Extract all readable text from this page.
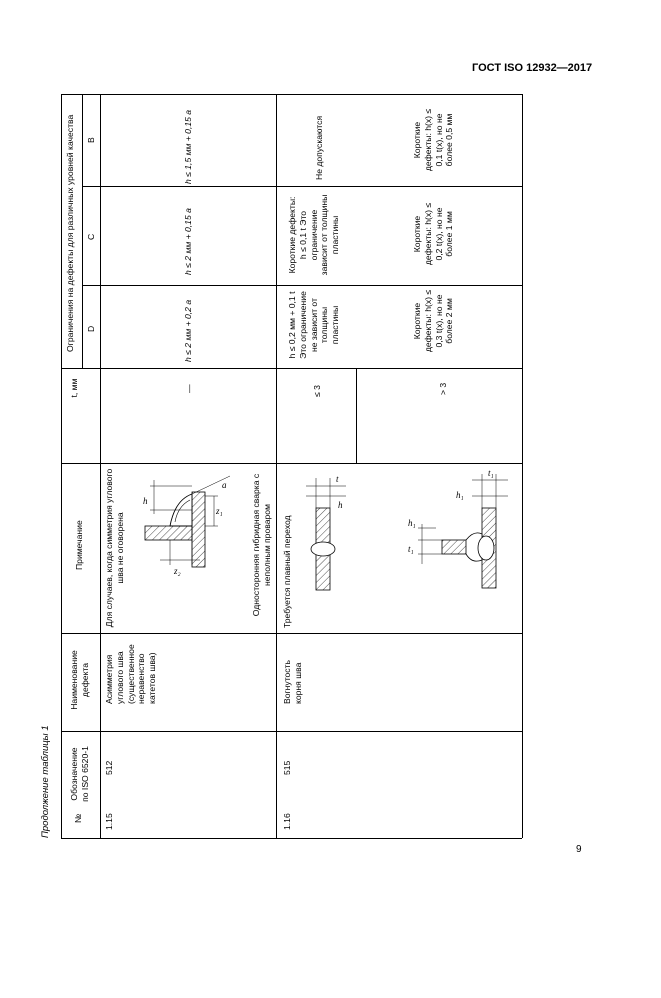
ГОСТ ISO 12932—2017
Продолжение таблицы 1
9
№
Обозначение по ISO 6520-1
Наименование дефекта
Примечание
t, мм
Ограничения на дефекты для различных уровней качества D
C
B
1.15
512
Асимметрия углового шва (существенное неравенство катетов шва)
Для случаев, когда симметрия углового шва не оговорена	Односторонняя гибридная сварка с неполным проваром
—
h ≤ 2 мм + 0,2 a
h ≤ 2 мм + 0,15 a
h ≤ 1,5 мм + 0,15 a
h
a
z₁
z₂
1.16
515
Вогнутость корня шва
Требуется плавный переход
t
h
t₁
h₁
h₁
t₁
≤ 3
h ≤ 0,2 мм + 0,1 t Это ограничение не зависит от толщины пластины
Короткие дефекты: h ≤ 0,1 t Это ограничение зависит от толщины пластины
Не допускаются
> 3
Короткие дефекты: h(x) ≤ 0,3 t(x), но не более 2 мм
Короткие дефекты: h(x) ≤ 0,2 t(x), но не более 1 мм
Короткие дефекты: h(x) ≤ 0,1 t(x), но не более 0,5 мм
